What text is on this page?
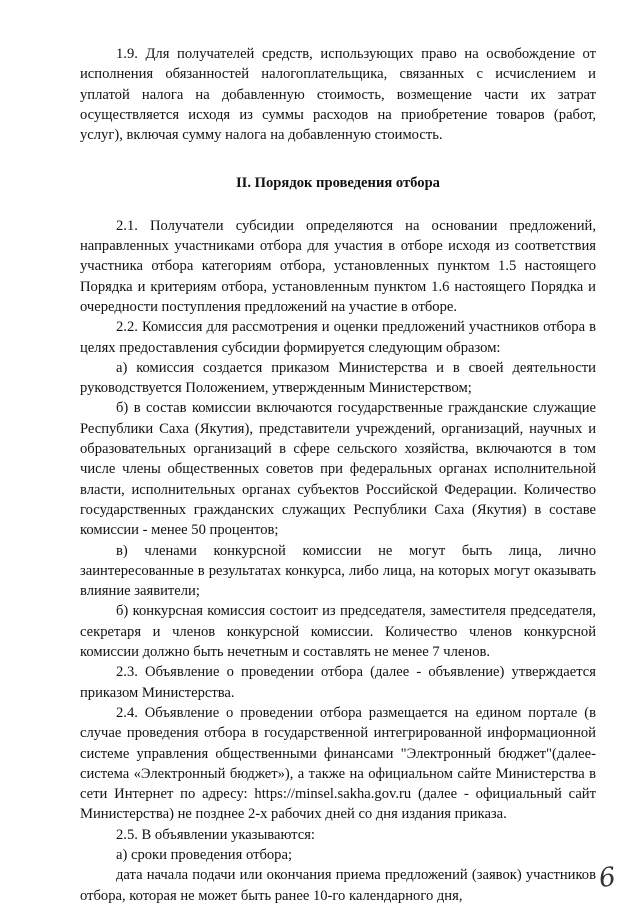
1.9. Для получателей средств, использующих право на освобождение от исполнения обязанностей налогоплательщика, связанных с исчислением и уплатой налога на добавленную стоимость, возмещение части их затрат осуществляется исходя из суммы расходов на приобретение товаров (работ, услуг), включая сумму налога на добавленную стоимость.

II. Порядок проведения отбора

2.1. Получатели субсидии определяются на основании предложений, направленных участниками отбора для участия в отборе исходя из соответствия участника отбора категориям отбора, установленных пунктом 1.5 настоящего Порядка и критериям отбора, установленным пунктом 1.6 настоящего Порядка и очередности поступления предложений на участие в отборе.

2.2. Комиссия для рассмотрения и оценки предложений участников отбора в целях предоставления субсидии формируется следующим образом:

а) комиссия создается приказом Министерства и в своей деятельности руководствуется Положением, утвержденным Министерством;

б) в состав комиссии включаются государственные гражданские служащие Республики Саха (Якутия), представители учреждений, организаций, научных и образовательных организаций в сфере сельского хозяйства, включаются в том числе члены общественных советов при федеральных органах исполнительной власти, исполнительных органах субъектов Российской Федерации. Количество государственных гражданских служащих Республики Саха (Якутия) в составе комиссии - менее 50 процентов;

в) членами конкурсной комиссии не могут быть лица, лично заинтересованные в результатах конкурса, либо лица, на которых могут оказывать влияние заявители;

б) конкурсная комиссия состоит из председателя, заместителя председателя, секретаря и членов конкурсной комиссии. Количество членов конкурсной комиссии должно быть нечетным и составлять не менее 7 членов.

2.3. Объявление о проведении отбора (далее - объявление) утверждается приказом Министерства.

2.4. Объявление о проведении отбора размещается на едином портале (в случае проведения отбора в государственной интегрированной информационной системе управления общественными финансами "Электронный бюджет"(далее- система «Электронный бюджет»), а также на официальном сайте Министерства в сети Интернет по адресу: https://minsel.sakha.gov.ru (далее - официальный сайт Министерства) не позднее 2-х рабочих дней со дня издания приказа.

2.5. В объявлении указываются:

а) сроки проведения отбора;

дата начала подачи или окончания приема предложений (заявок) участников отбора, которая не может быть ранее 10-го календарного дня,

6
